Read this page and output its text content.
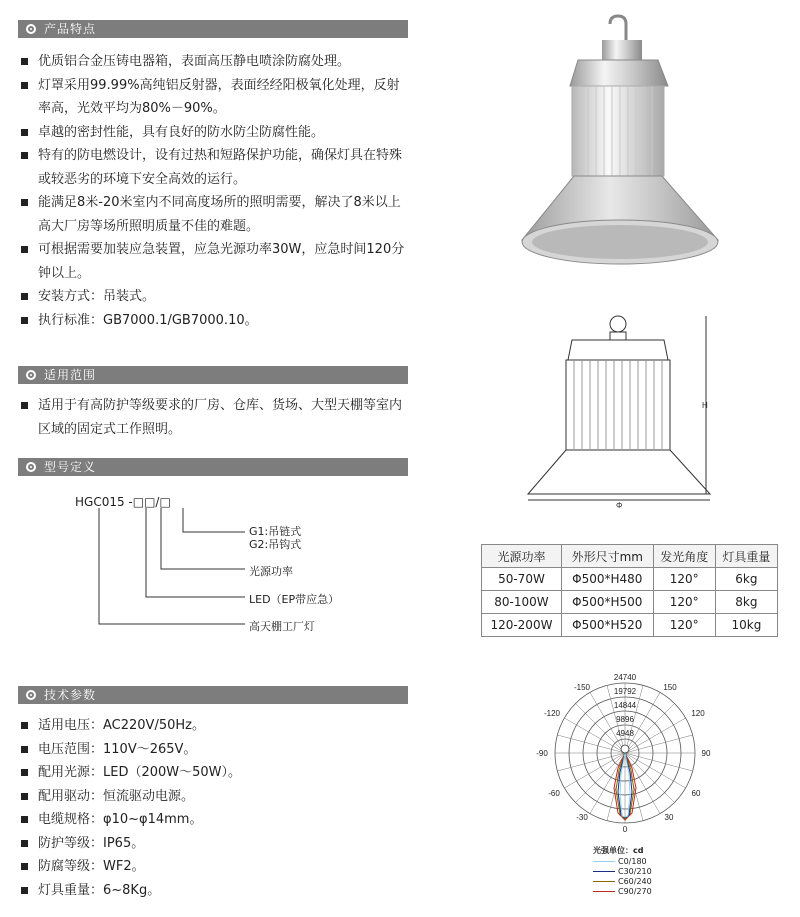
产品特点
优质铝合金压铸电器箱，表面高压静电喷涂防腐处理。
灯罩采用99.99%高纯铝反射器，表面经经阳极氧化处理，反射率高，光效平均为80%－90%。
卓越的密封性能，具有良好的防水防尘防腐性能。
特有的防电燃设计，设有过热和短路保护功能，确保灯具在特殊或较恶劣的环境下安全高效的运行。
能满足8米-20米室内不同高度场所的照明需要，解决了8米以上高大厂房等场所照明质量不佳的难题。
可根据需要加装应急装置，应急光源功率30W，应急时间120分钟以上。
安装方式：吊装式。
执行标准：GB7000.1/GB7000.10。
适用范围
适用于有高防护等级要求的厂房、仓库、货场、大型天棚等室内区域的固定式工作照明。
型号定义
HGC015 -□□/□
G1:吊链式
G2:吊钩式
光源功率
LED（EP带应急）
高天棚工厂灯
技术参数
适用电压：AC220V/50Hz。
电压范围：110V～265V。
配用光源：LED（200W～50W）。
配用驱动：恒流驱动电源。
电缆规格：φ10~φ14mm。
防护等级：IP65。
防腐等级：WF2。
灯具重量：6~8Kg。
H
Φ
光源功率	外形尺寸mm	发光角度	灯具重量
50-70W	Φ500*H480	120°	6kg
80-100W	Φ500*H500	120°	8kg
120-200W	Φ500*H520	120°	10kg
24740
19792
14844
9896
4948
-150	150
-120	120
-90	90
-60	60
-30	30
0
光强单位：cd
C0/180
C30/210
C60/240
C90/270
